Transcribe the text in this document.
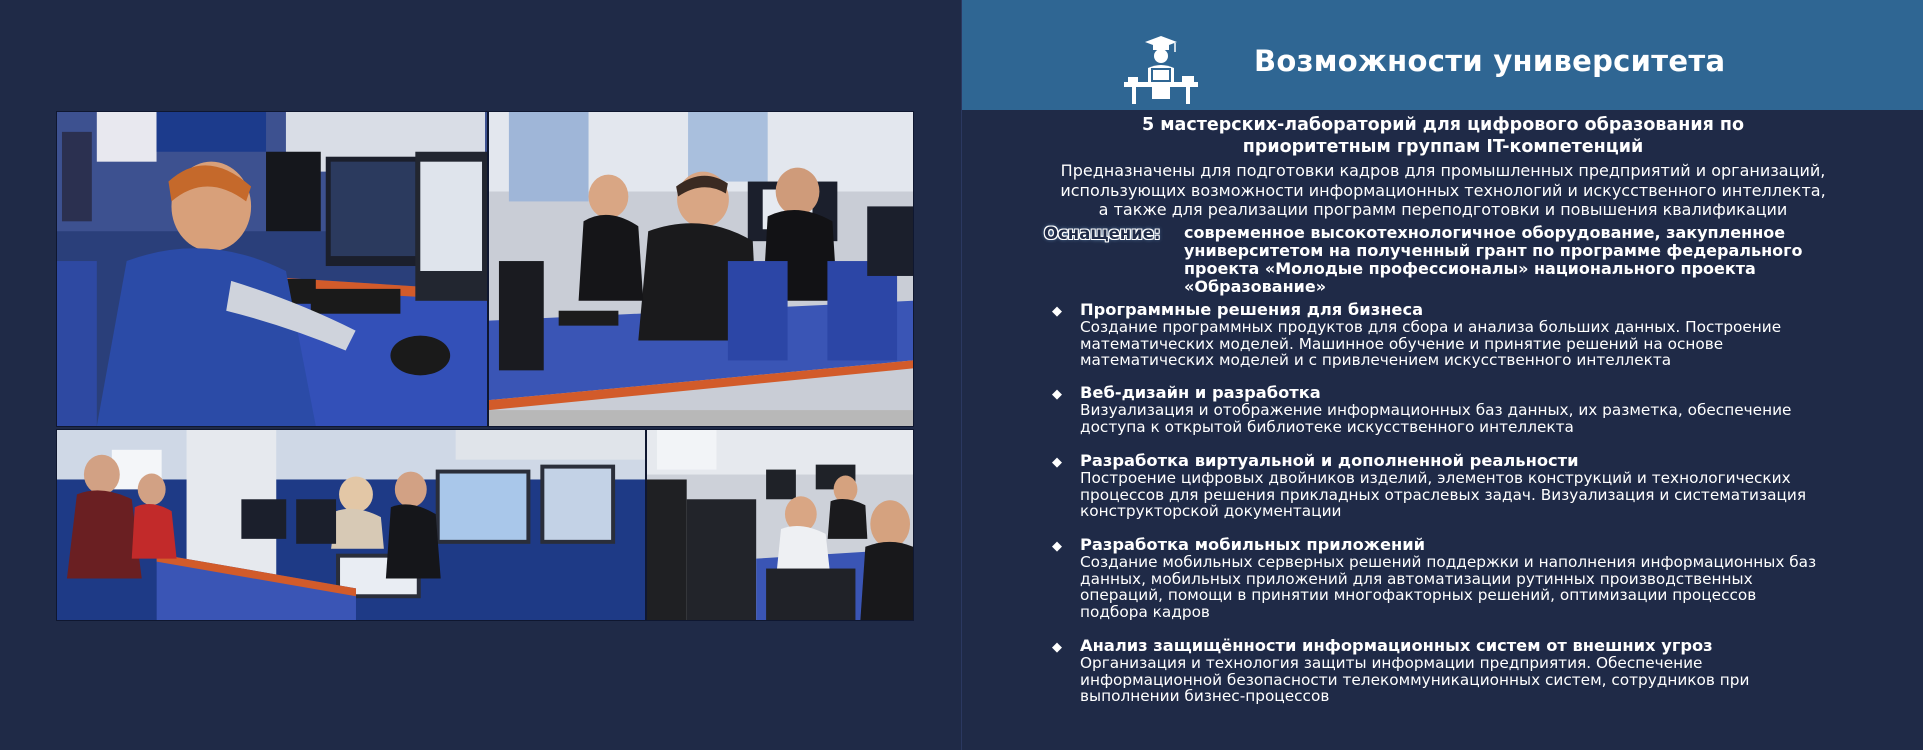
Возможности университета
5 мастерских-лабораторий для цифрового образования по
приоритетным группам IT-компетенций
Предназначены для подготовки кадров для промышленных предприятий и организаций,
использующих возможности информационных технологий и искусственного интеллекта,
а также для реализации программ переподготовки и повышения квалификации
Оснащение: современное высокотехнологичное оборудование, закупленное
университетом на полученный грант по программе федерального
проекта «Молодые профессионалы» национального проекта
«Образование»
◆ Программные решения для бизнеса
Создание программных продуктов для сбора и анализа больших данных. Построение
математических моделей. Машинное обучение и принятие решений на основе
математических моделей и с привлечением искусственного интеллекта
◆ Веб-дизайн и разработка
Визуализация и отображение информационных баз данных, их разметка, обеспечение
доступа к открытой библиотеке искусственного интеллекта
◆ Разработка виртуальной и дополненной реальности
Построение цифровых двойников изделий, элементов конструкций и технологических
процессов для решения прикладных отраслевых задач. Визуализация и систематизация
конструкторской документации
◆ Разработка мобильных приложений
Создание мобильных серверных решений поддержки и наполнения информационных баз
данных, мобильных приложений для автоматизации рутинных производственных
операций, помощи в принятии многофакторных решений, оптимизации процессов
подбора кадров
◆ Анализ защищённости информационных систем от внешних угроз
Организация и технология защиты информации предприятия. Обеспечение
информационной безопасности телекоммуникационных систем, сотрудников при
выполнении бизнес-процессов
